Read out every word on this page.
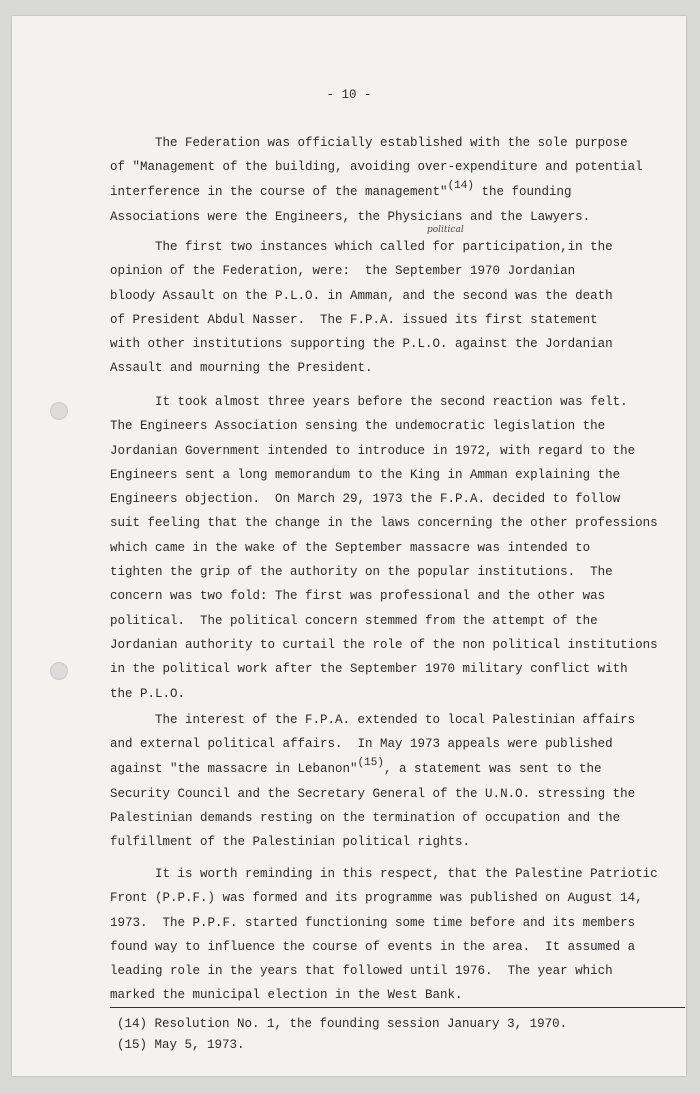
- 10 -
political
The Federation was officially established with the sole purpose
of "Management of the building, avoiding over-expenditure and potential
interference in the course of the management"(14) the founding
Associations were the Engineers, the Physicians and the Lawyers.
The first two instances which called for participation,in the
opinion of the Federation, were:  the September 1970 Jordanian
bloody Assault on the P.L.O. in Amman, and the second was the death
of President Abdul Nasser.  The F.P.A. issued its first statement
with other institutions supporting the P.L.O. against the Jordanian
Assault and mourning the President.
It took almost three years before the second reaction was felt.
The Engineers Association sensing the undemocratic legislation the
Jordanian Government intended to introduce in 1972, with regard to the
Engineers sent a long memorandum to the King in Amman explaining the
Engineers objection.  On March 29, 1973 the F.P.A. decided to follow
suit feeling that the change in the laws concerning the other professions
which came in the wake of the September massacre was intended to
tighten the grip of the authority on the popular institutions.  The
concern was two fold: The first was professional and the other was
political.  The political concern stemmed from the attempt of the
Jordanian authority to curtail the role of the non political institutions
in the political work after the September 1970 military conflict with
the P.L.O.
The interest of the F.P.A. extended to local Palestinian affairs
and external political affairs.  In May 1973 appeals were published
against "the massacre in Lebanon"(15), a statement was sent to the
Security Council and the Secretary General of the U.N.O. stressing the
Palestinian demands resting on the termination of occupation and the
fulfillment of the Palestinian political rights.
It is worth reminding in this respect, that the Palestine Patriotic
Front (P.P.F.) was formed and its programme was published on August 14,
1973.  The P.P.F. started functioning some time before and its members
found way to influence the course of events in the area.  It assumed a
leading role in the years that followed until 1976.  The year which
marked the municipal election in the West Bank.
(14) Resolution No. 1, the founding session January 3, 1970.
(15) May 5, 1973.
